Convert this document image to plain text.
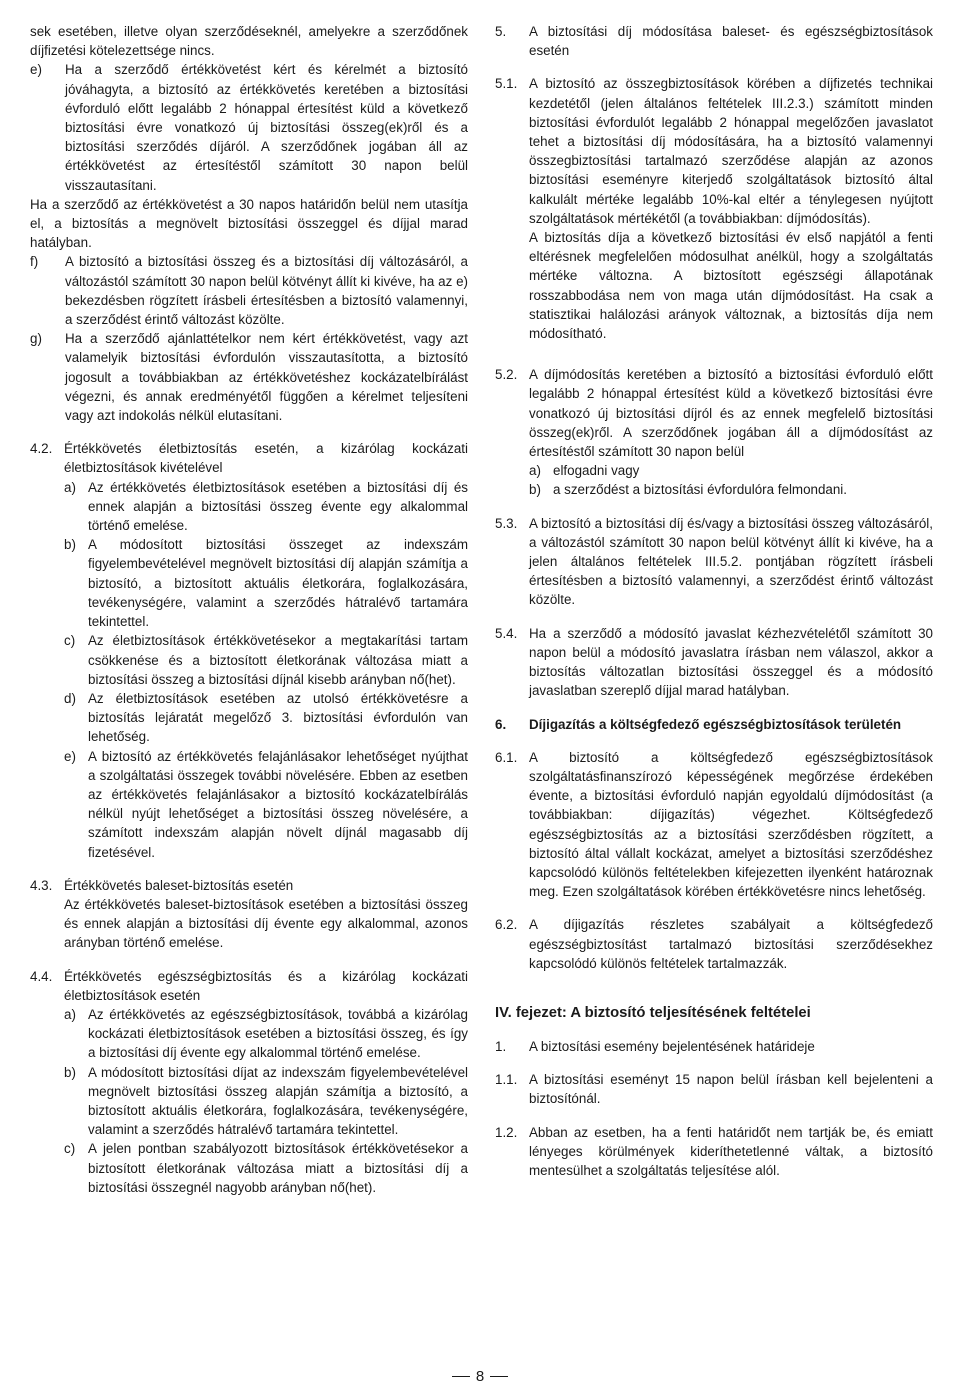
sek esetében, illetve olyan szerződéseknél, amelyekre a szerződőnek díjfizetési kötelezettsége nincs.

e) Ha a szerződő értékkövetést kért és kérelmét a biztosító jóváhagyta, a biztosító az értékkövetés keretében a biztosítási évforduló előtt legalább 2 hónappal értesítést küld a következő biztosítási évre vonatkozó új biztosítási összeg(ek)ről és a biztosítási szerződés díjáról. A szerződőnek jogában áll az értékkövetést az értesítéstől számított 30 napon belül visszautasítani.

Ha a szerződő az értékkövetést a 30 napos határidőn belül nem utasítja el, a biztosítás a megnövelt biztosítási összeggel és díjjal marad hatályban.

f) A biztosító a biztosítási összeg és a biztosítási díj változásáról, a változástól számított 30 napon belül kötvényt állít ki kivéve, ha az e) bekezdésben rögzített írásbeli értesítésben a biztosító valamennyi, a szerződést érintő változást közölte.

g) Ha a szerződő ajánlattételkor nem kért értékkövetést, vagy azt valamelyik biztosítási évfordulón visszautasította, a biztosító jogosult a továbbiakban az értékkövetéshez kockázatelbírálást végezni, és annak eredményétől függően a kérelmet teljesíteni vagy azt indokolás nélkül elutasítani.

4.2. Értékkövetés életbiztosítás esetén, a kizárólag kockázati életbiztosítások kivételével

a) Az értékkövetés életbiztosítások esetében a biztosítási díj és ennek alapján a biztosítási összeg évente egy alkalommal történő emelése.

b) A módosított biztosítási összeget az indexszám figyelembevételével megnövelt biztosítási díj alapján számítja a biztosító, a biztosított aktuális életkorára, foglalkozására, tevékenységére, valamint a szerződés hátralévő tartamára tekintettel.

c) Az életbiztosítások értékkövetésekor a megtakarítási tartam csökkenése és a biztosított életkorának változása miatt a biztosítási összeg a biztosítási díjnál kisebb arányban nő(het).

d) Az életbiztosítások esetében az utolsó értékkövetésre a biztosítás lejáratát megelőző 3. biztosítási évfordulón van lehetőség.

e) A biztosító az értékkövetés felajánlásakor lehetőséget nyújthat a szolgáltatási összegek további növelésére. Ebben az esetben az értékkövetés felajánlásakor a biztosító kockázatelbírálás nélkül nyújt lehetőséget a biztosítási összeg növelésére, a számított indexszám alapján növelt díjnál magasabb díj fizetésével.

4.3. Értékkövetés baleset-biztosítás esetén

Az értékkövetés baleset-biztosítások esetében a biztosítási összeg és ennek alapján a biztosítási díj évente egy alkalommal, azonos arányban történő emelése.

4.4. Értékkövetés egészségbiztosítás és a kizárólag kockázati életbiztosítások esetén

a) Az értékkövetés az egészségbiztosítások, továbbá a kizárólag kockázati életbiztosítások esetében a biztosítási összeg, és így a biztosítási díj évente egy alkalommal történő emelése.

b) A módosított biztosítási díjat az indexszám figyelembevételével megnövelt biztosítási összeg alapján számítja a biztosító, a biztosított aktuális életkorára, foglalkozására, tevékenységére, valamint a szerződés hátralévő tartamára tekintettel.

c) A jelen pontban szabályozott biztosítások értékkövetésekor a biztosított életkorának változása miatt a biztosítási díj a biztosítási összegnél nagyobb arányban nő(het).

5. A biztosítási díj módosítása baleset- és egészségbiztosítások esetén

5.1. A biztosító az összegbiztosítások körében a díjfizetés technikai kezdetétől (jelen általános feltételek III.2.3.) számított minden biztosítási évfordulót legalább 2 hónappal megelőzően javaslatot tehet a biztosítási díj módosítására, ha a biztosító valamennyi összegbiztosítási tartalmazó szerződése alapján az azonos biztosítási eseményre kiterjedő szolgáltatások biztosító által kalkulált mértéke legalább 10%-kal eltér a ténylegesen nyújtott szolgáltatások mértékétől (a továbbiakban: díjmódosítás).

A biztosítás díja a következő biztosítási év első napjától a fenti eltérésnek megfelelően módosulhat anélkül, hogy a szolgáltatás mértéke változna. A biztosított egészségi állapotának rosszabbodása nem von maga után díjmódosítást. Ha csak a statisztikai halálozási arányok változnak, a biztosítás díja nem módosítható.

5.2. A díjmódosítás keretében a biztosító a biztosítási évforduló előtt legalább 2 hónappal értesítést küld a következő biztosítási évre vonatkozó új biztosítási díjról és az ennek megfelelő biztosítási összeg(ek)ről. A szerződőnek jogában áll a díjmódosítást az értesítéstől számított 30 napon belül

a) elfogadni vagy

b) a szerződést a biztosítási évfordulóra felmondani.

5.3. A biztosító a biztosítási díj és/vagy a biztosítási összeg változásáról, a változástól számított 30 napon belül kötvényt állít ki kivéve, ha a jelen általános feltételek III.5.2. pontjában rögzített írásbeli értesítésben a biztosító valamennyi, a szerződést érintő változást közölte.

5.4. Ha a szerződő a módosító javaslat kézhezvételétől számított 30 napon belül a módosító javaslatra írásban nem válaszol, akkor a biztosítás változatlan biztosítási összeggel és a módosító javaslatban szereplő díjjal marad hatályban.

6. Díjigazítás a költségfedező egészségbiztosítások területén

6.1. A biztosító a költségfedező egészségbiztosítások szolgáltatásfinanszírozó képességének megőrzése érdekében évente, a biztosítási évforduló napján egyoldalú díjmódosítást (a továbbiakban: díjigazítás) végezhet. Költségfedező egészségbiztosítás az a biztosítási szerződésben rögzített, a biztosító által vállalt kockázat, amelyet a biztosítási szerződéshez kapcsolódó különös feltételekben kifejezetten ilyenként határoznak meg. Ezen szolgáltatások körében értékkövetésre nincs lehetőség.

6.2. A díjigazítás részletes szabályait a költségfedező egészségbiztosítást tartalmazó biztosítási szerződésekhez kapcsolódó különös feltételek tartalmazzák.

IV. fejezet: A biztosító teljesítésének feltételei

1. A biztosítási esemény bejelentésének határideje

1.1. A biztosítási eseményt 15 napon belül írásban kell bejelenteni a biztosítónál.

1.2. Abban az esetben, ha a fenti határidőt nem tartják be, és emiatt lényeges körülmények kideríthetetlenné váltak, a biztosító mentesülhet a szolgáltatás teljesítése alól.

8
